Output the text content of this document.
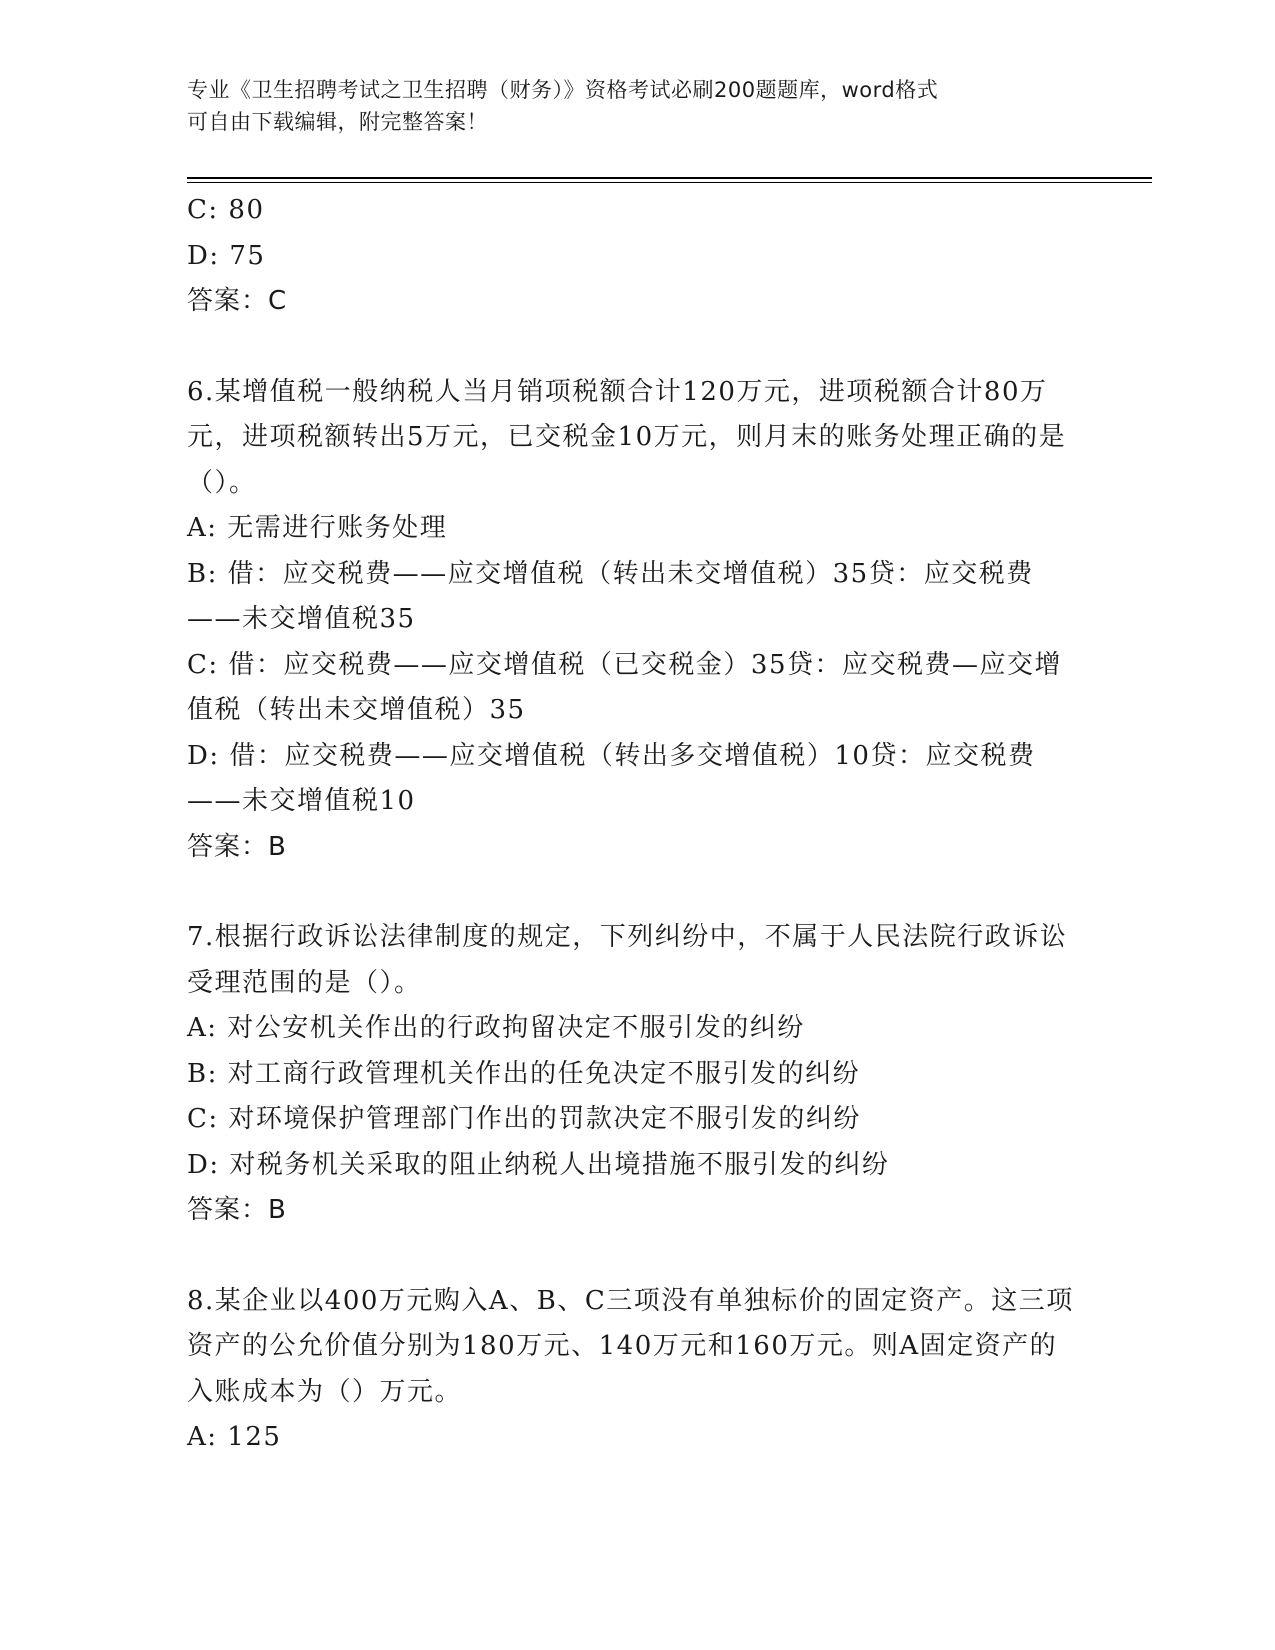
专业《卫生招聘考试之卫生招聘（财务）》资格考试必刷200题题库，word格式
可自由下载编辑，附完整答案！

C: 80

D: 75

答案：C

6.某增值税一般纳税人当月销项税额合计120万元，进项税额合计80万元，进项税额转出5万元，已交税金10万元，则月末的账务处理正确的是（）。

A: 无需进行账务处理

B: 借：应交税费——应交增值税（转出未交增值税）35贷：应交税费——未交增值税35

C: 借：应交税费——应交增值税（已交税金）35贷：应交税费—应交增值税（转出未交增值税）35

D: 借：应交税费——应交增值税（转出多交增值税）10贷：应交税费——未交增值税10

答案：B

7.根据行政诉讼法律制度的规定，下列纠纷中，不属于人民法院行政诉讼受理范围的是（）。

A: 对公安机关作出的行政拘留决定不服引发的纠纷

B: 对工商行政管理机关作出的任免决定不服引发的纠纷

C: 对环境保护管理部门作出的罚款决定不服引发的纠纷

D: 对税务机关采取的阻止纳税人出境措施不服引发的纠纷

答案：B

8.某企业以400万元购入A、B、C三项没有单独标价的固定资产。这三项资产的公允价值分别为180万元、140万元和160万元。则A固定资产的入账成本为（）万元。

A: 125
